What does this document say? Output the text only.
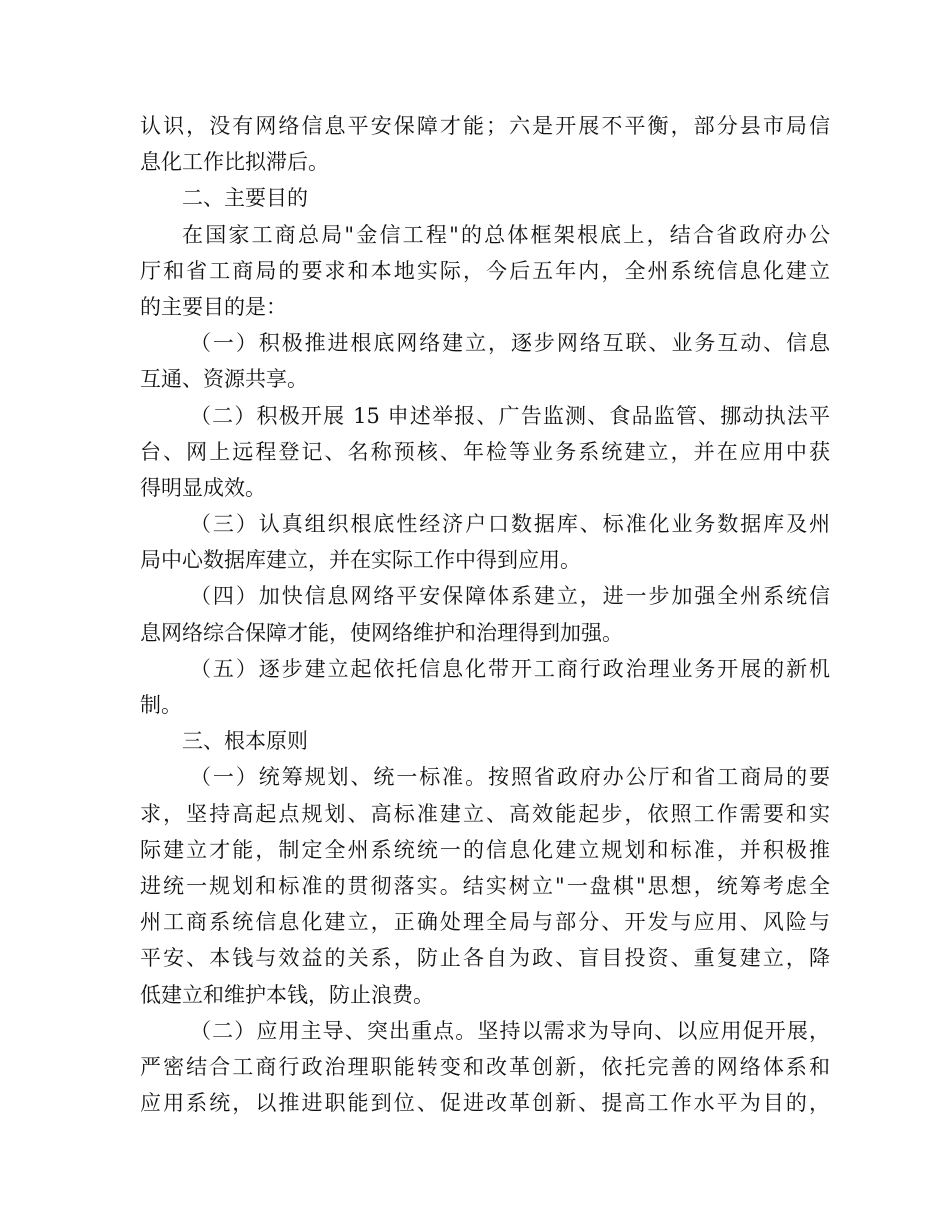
认识，没有网络信息平安保障才能；六是开展不平衡，部分县市局信
息化工作比拟滞后。
二、主要目的
在国家工商总局"金信工程"的总体框架根底上，结合省政府办公
厅和省工商局的要求和本地实际，今后五年内，全州系统信息化建立
的主要目的是：
（一）积极推进根底网络建立，逐步网络互联、业务互动、信息
互通、资源共享。
（二）积极开展 15 申述举报、广告监测、食品监管、挪动执法平
台、网上远程登记、名称预核、年检等业务系统建立，并在应用中获
得明显成效。
（三）认真组织根底性经济户口数据库、标准化业务数据库及州
局中心数据库建立，并在实际工作中得到应用。
（四）加快信息网络平安保障体系建立，进一步加强全州系统信
息网络综合保障才能，使网络维护和治理得到加强。
（五）逐步建立起依托信息化带开工商行政治理业务开展的新机
制。
三、根本原则
（一）统筹规划、统一标准。按照省政府办公厅和省工商局的要
求，坚持高起点规划、高标准建立、高效能起步，依照工作需要和实
际建立才能，制定全州系统统一的信息化建立规划和标准，并积极推
进统一规划和标准的贯彻落实。结实树立"一盘棋"思想，统筹考虑全
州工商系统信息化建立，正确处理全局与部分、开发与应用、风险与
平安、本钱与效益的关系，防止各自为政、盲目投资、重复建立，降
低建立和维护本钱，防止浪费。
（二）应用主导、突出重点。坚持以需求为导向、以应用促开展，
严密结合工商行政治理职能转变和改革创新，依托完善的网络体系和
应用系统，以推进职能到位、促进改革创新、提高工作水平为目的，
